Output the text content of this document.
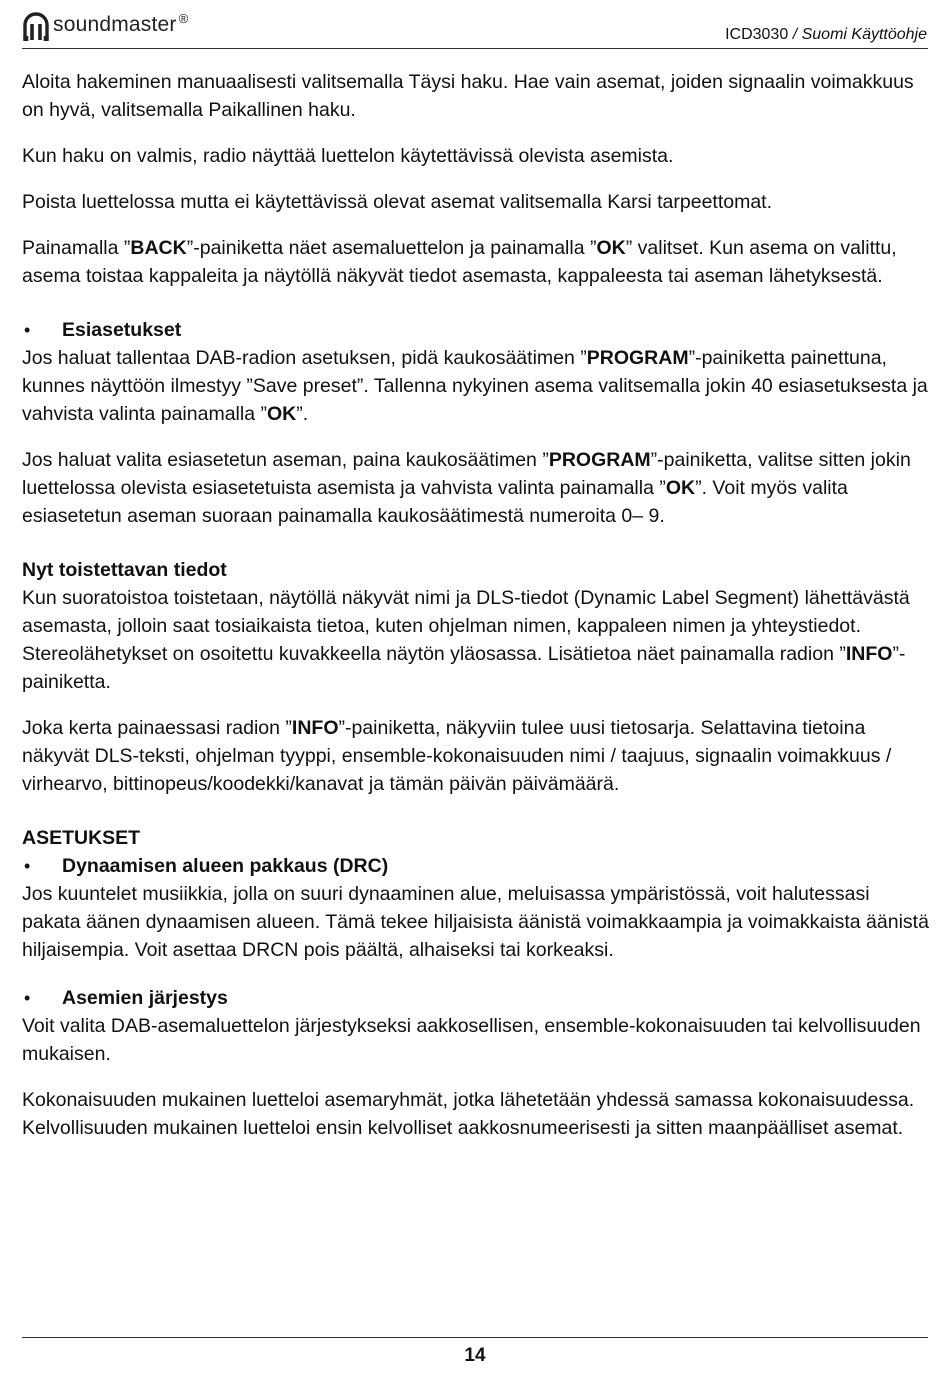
soundmaster ®
ICD3030 / Suomi Käyttöohje

Aloita hakeminen manuaalisesti valitsemalla Täysi haku. Hae vain asemat, joiden signaalin voimakkuus on hyvä, valitsemalla Paikallinen haku.

Kun haku on valmis, radio näyttää luettelon käytettävissä olevista asemista.

Poista luettelossa mutta ei käytettävissä olevat asemat valitsemalla Karsi tarpeettomat.

Painamalla ”BACK”-painiketta näet asemaluettelon ja painamalla ”OK” valitset. Kun asema on valittu, asema toistaa kappaleita ja näytöllä näkyvät tiedot asemasta, kappaleesta tai aseman lähetyksestä.

•	Esiasetukset

Jos haluat tallentaa DAB-radion asetuksen, pidä kaukosäätimen ”PROGRAM”-painiketta painettuna, kunnes näyttöön ilmestyy ”Save preset”. Tallenna nykyinen asema valitsemalla jokin 40 esiasetuksesta ja vahvista valinta painamalla ”OK”.

Jos haluat valita esiasetetun aseman, paina kaukosäätimen ”PROGRAM”-painiketta, valitse sitten jokin luettelossa olevista esiasetetuista asemista ja vahvista valinta painamalla ”OK”. Voit myös valita esiasetetun aseman suoraan painamalla kaukosäätimestä numeroita 0– 9.

Nyt toistettavan tiedot

Kun suoratoistoa toistetaan, näytöllä näkyvät nimi ja DLS-tiedot (Dynamic Label Segment) lähettävästä asemasta, jolloin saat tosiaikaista tietoa, kuten ohjelman nimen, kappaleen nimen ja yhteystiedot. Stereolähetykset on osoitettu kuvakkeella näytön yläosassa. Lisätietoa näet painamalla radion ”INFO”-painiketta.

Joka kerta painaessasi radion ”INFO”-painiketta, näkyviin tulee uusi tietosarja. Selattavina tietoina näkyvät DLS-teksti, ohjelman tyyppi, ensemble-kokonaisuuden nimi / taajuus, signaalin voimakkuus / virhearvo, bittinopeus/koodekki/kanavat ja tämän päivän päivämäärä.

ASETUKSET
•	Dynaamisen alueen pakkaus (DRC)

Jos kuuntelet musiikkia, jolla on suuri dynaaminen alue, meluisassa ympäristössä, voit halutessasi pakata äänen dynaamisen alueen. Tämä tekee hiljaisista äänistä voimakkaampia ja voimakkaista äänistä hiljaisempia. Voit asettaa DRCN pois päältä, alhaiseksi tai korkeaksi.

•	Asemien järjestys

Voit valita DAB-asemaluettelon järjestykseksi aakkosellisen, ensemble-kokonaisuuden tai kelvollisuuden mukaisen.

Kokonaisuuden mukainen luetteloi asemaryhmät, jotka lähetetään yhdessä samassa kokonaisuudessa. Kelvollisuuden mukainen luetteloi ensin kelvolliset aakkosnumeerisesti ja sitten maanpäälliset asemat.

14
